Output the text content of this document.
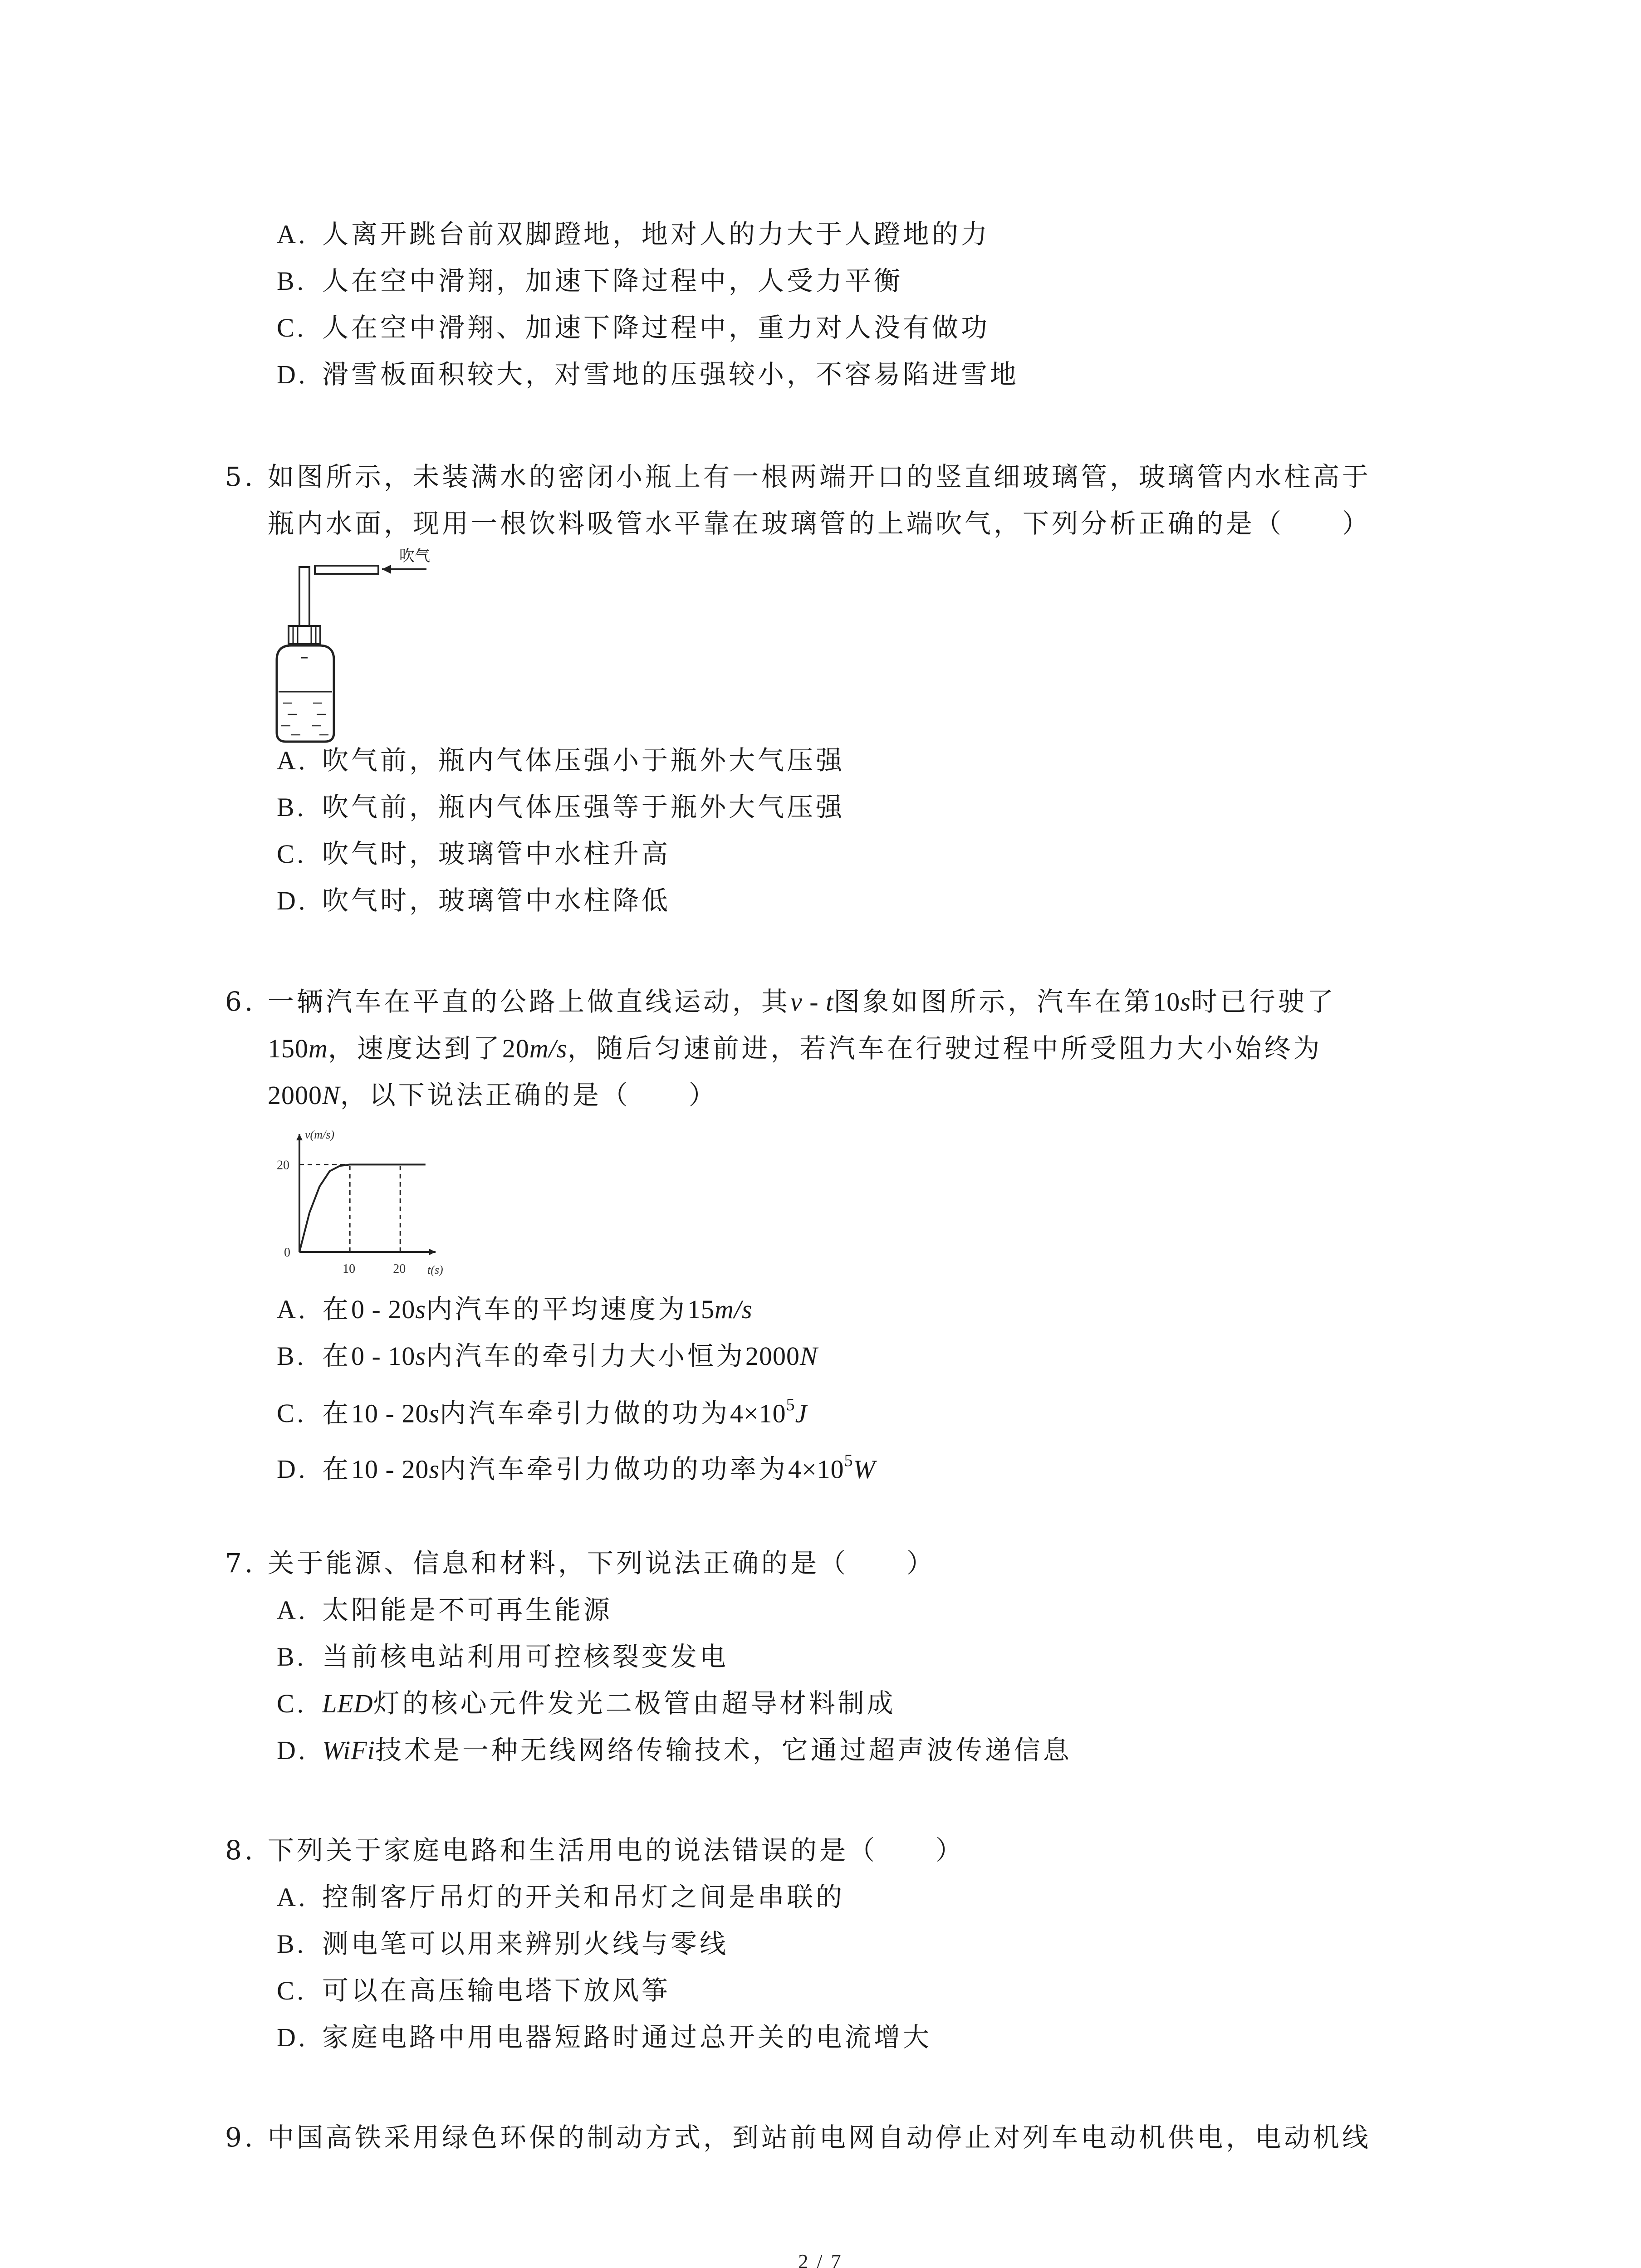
A. 人离开跳台前双脚蹬地，地对人的力大于人蹬地的力
B. 人在空中滑翔，加速下降过程中，人受力平衡
C. 人在空中滑翔、加速下降过程中，重力对人没有做功
D. 滑雪板面积较大，对雪地的压强较小，不容易陷进雪地
5. 如图所示，未装满水的密闭小瓶上有一根两端开口的竖直细玻璃管，玻璃管内水柱高于
瓶内水面，现用一根饮料吸管水平靠在玻璃管的上端吹气，下列分析正确的是（　　）
吹气
A. 吹气前，瓶内气体压强小于瓶外大气压强
B. 吹气前，瓶内气体压强等于瓶外大气压强
C. 吹气时，玻璃管中水柱升高
D. 吹气时，玻璃管中水柱降低
6. 一辆汽车在平直的公路上做直线运动，其v - t图象如图所示，汽车在第10s时已行驶了
150m，速度达到了20m/s，随后匀速前进，若汽车在行驶过程中所受阻力大小始终为
2000N，以下说法正确的是（　　）
v(m/s)
t(s)
0
20
10	20
A. 在0 - 20s内汽车的平均速度为15m/s
B. 在0 - 10s内汽车的牵引力大小恒为2000N
C. 在10 - 20s内汽车牵引力做的功为$4\times 10^5J$
D. 在10 - 20s内汽车牵引力做功的功率为$4\times 10^5W$
7. 关于能源、信息和材料，下列说法正确的是（　　）
A. 太阳能是不可再生能源
B. 当前核电站利用可控核裂变发电
C. LED灯的核心元件发光二极管由超导材料制成
D. WiFi技术是一种无线网络传输技术，它通过超声波传递信息
8. 下列关于家庭电路和生活用电的说法错误的是（　　）
A. 控制客厅吊灯的开关和吊灯之间是串联的
B. 测电笔可以用来辨别火线与零线
C. 可以在高压输电塔下放风筝
D. 家庭电路中用电器短路时通过总开关的电流增大
9. 中国高铁采用绿色环保的制动方式，到站前电网自动停止对列车电动机供电，电动机线
2 / 7
